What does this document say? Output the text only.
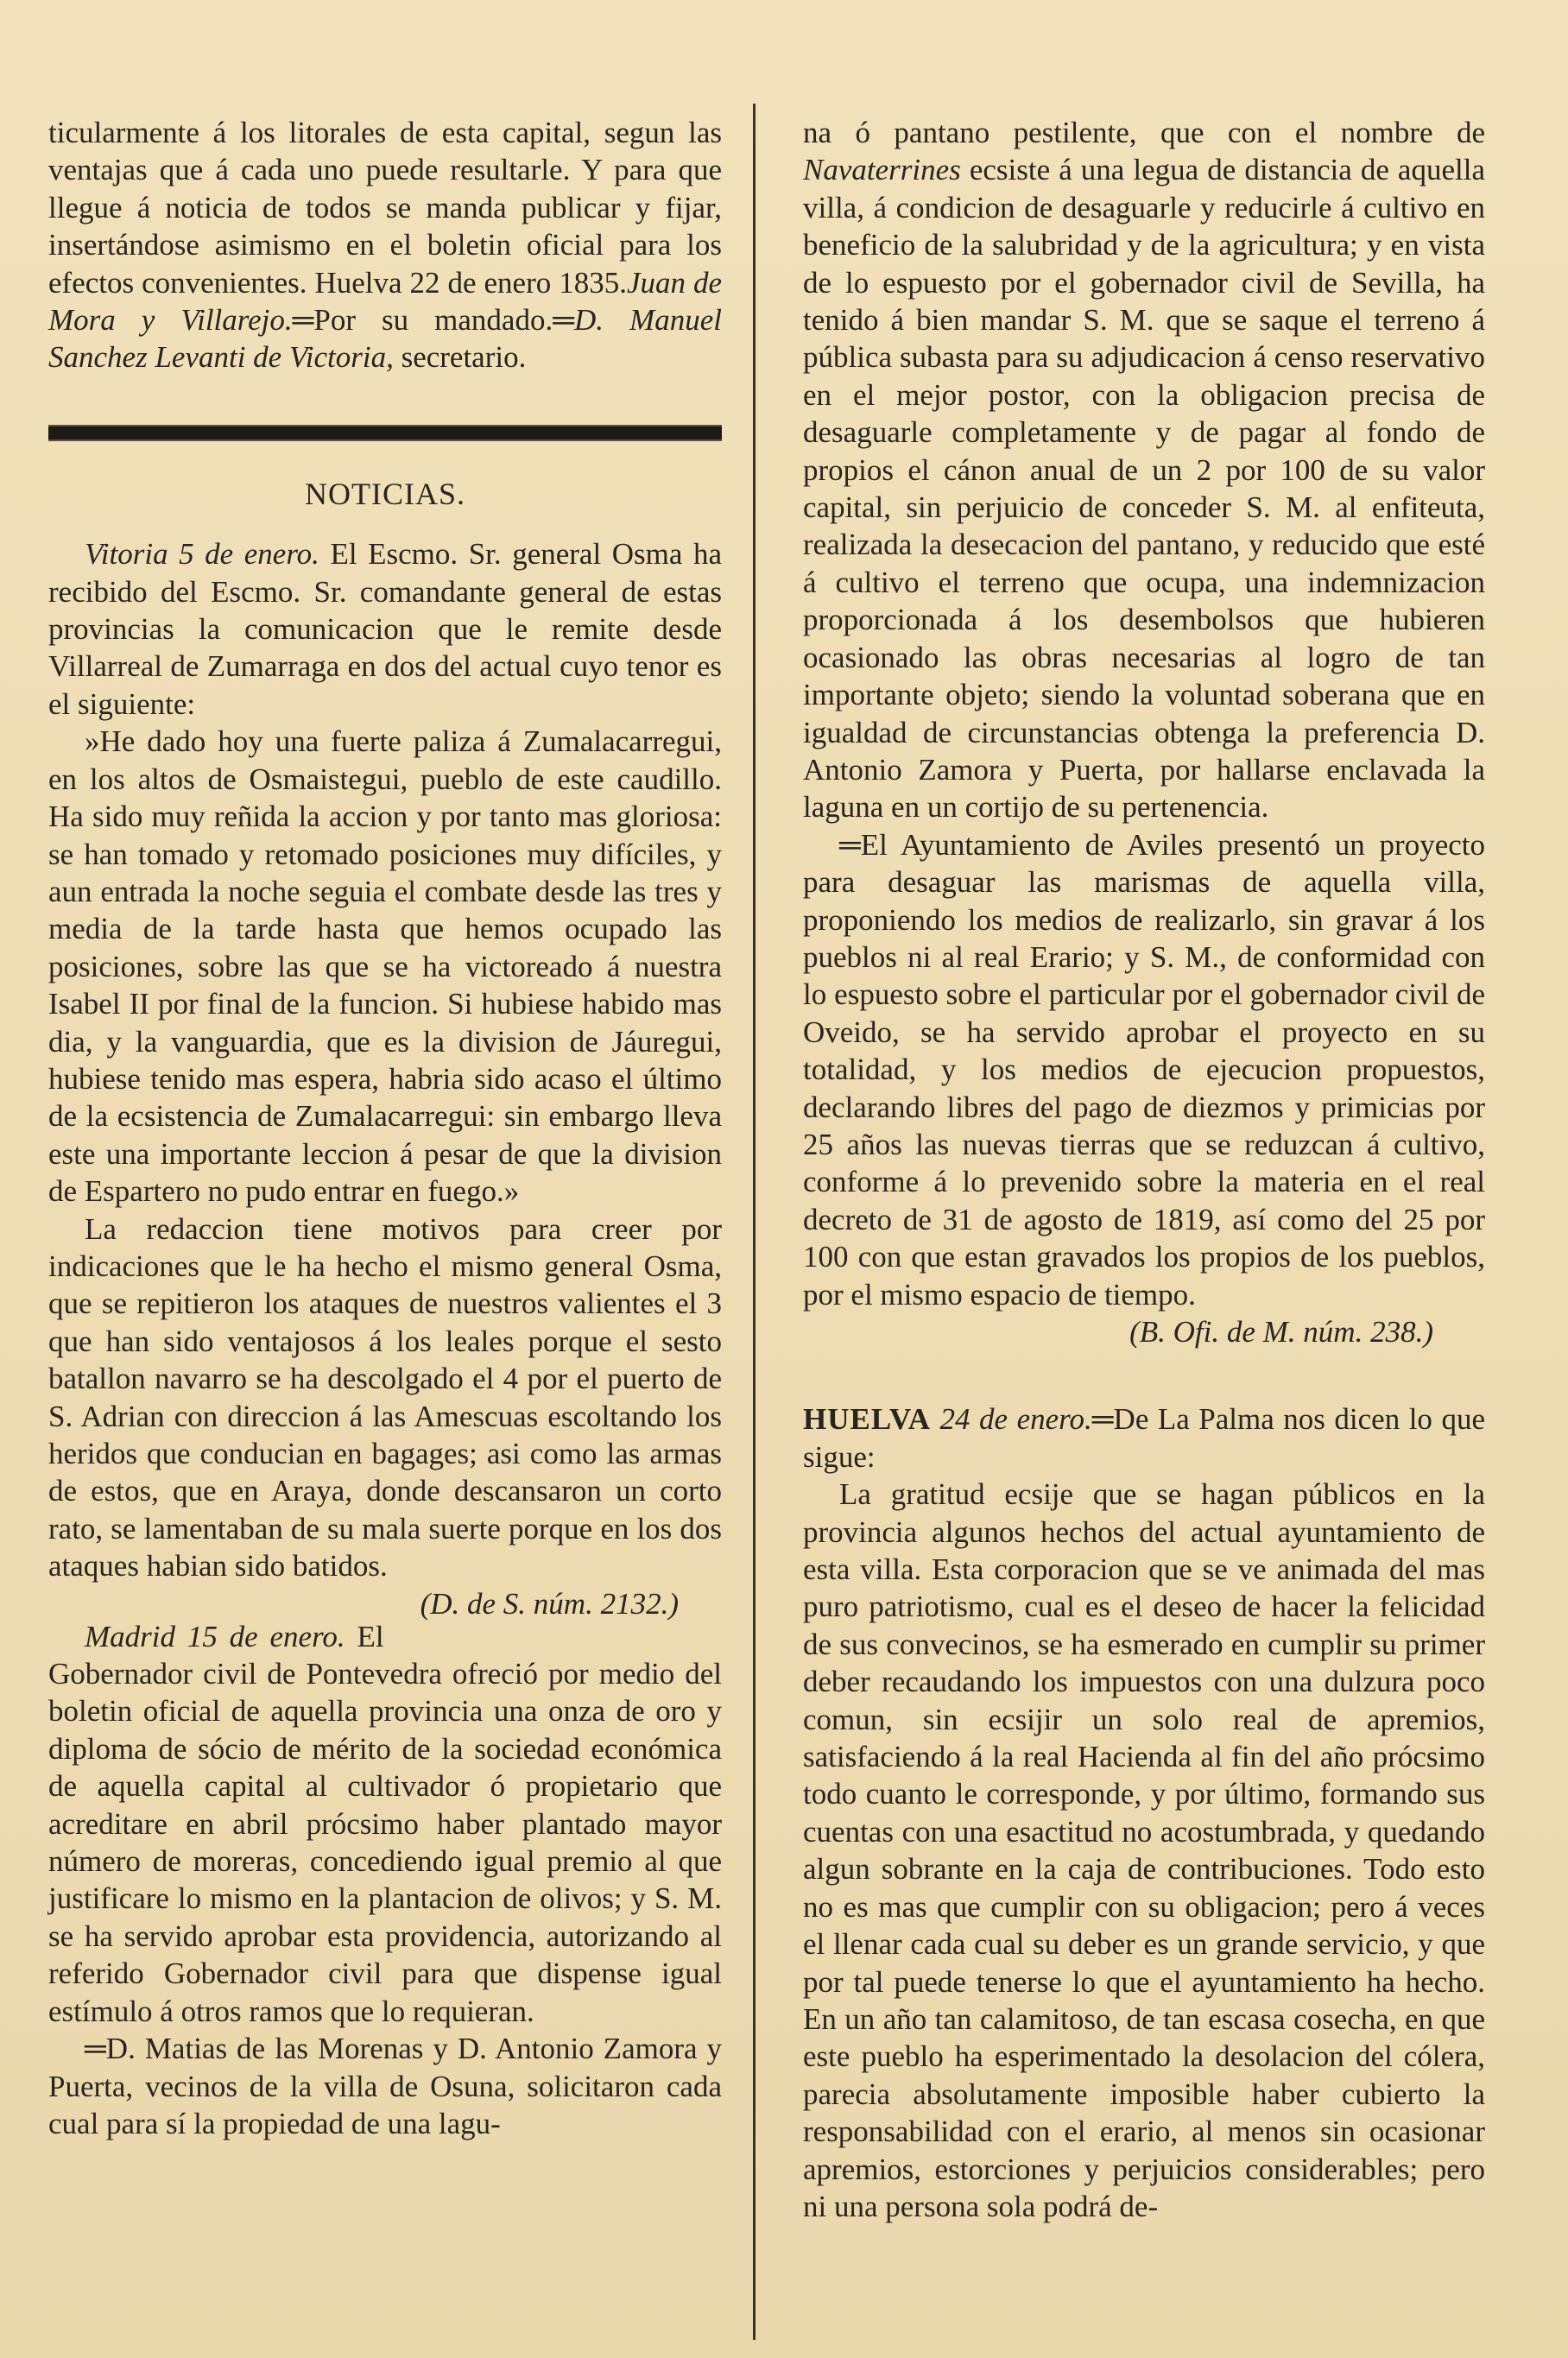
ticularmente á los litorales de esta capital, segun las ventajas que á cada uno puede resultarle. Y para que llegue á noticia de todos se manda publicar y fijar, insertándose asimismo en el boletin oficial para los efectos convenientes. Huelva 22 de enero 1835.Juan de Mora y Villarejo.═Por su mandado.═D. Manuel Sanchez Levanti de Victoria, secretario.

NOTICIAS.

Vitoria 5 de enero. El Escmo. Sr. general Osma ha recibido del Escmo. Sr. comandante general de estas provincias la comunicacion que le remite desde Villarreal de Zumarraga en dos del actual cuyo tenor es el siguiente:

»He dado hoy una fuerte paliza á Zumalacarregui, en los altos de Osmaistegui, pueblo de este caudillo. Ha sido muy reñida la accion y por tanto mas gloriosa: se han tomado y retomado posiciones muy difíciles, y aun entrada la noche seguia el combate desde las tres y media de la tarde hasta que hemos ocupado las posiciones, sobre las que se ha victoreado á nuestra Isabel II por final de la funcion. Si hubiese habido mas dia, y la vanguardia, que es la division de Jáuregui, hubiese tenido mas espera, habria sido acaso el último de la ecsistencia de Zumalacarregui: sin embargo lleva este una importante leccion á pesar de que la division de Espartero no pudo entrar en fuego.»

La redaccion tiene motivos para creer por indicaciones que le ha hecho el mismo general Osma, que se repitieron los ataques de nuestros valientes el 3 que han sido ventajosos á los leales porque el sesto batallon navarro se ha descolgado el 4 por el puerto de S. Adrian con direccion á las Amescuas escoltando los heridos que conducian en bagages; asi como las armas de estos, que en Araya, donde descansaron un corto rato, se lamentaban de su mala suerte porque en los dos ataques habian sido batidos.
(D. de S. núm. 2132.)

Madrid 15 de enero. El Gobernador civil de Pontevedra ofreció por medio del boletin oficial de aquella provincia una onza de oro y diploma de sócio de mérito de la sociedad económica de aquella capital al cultivador ó propietario que acreditare en abril prócsimo haber plantado mayor número de moreras, concediendo igual premio al que justificare lo mismo en la plantacion de olivos; y S. M. se ha servido aprobar esta providencia, autorizando al referido Gobernador civil para que dispense igual estímulo á otros ramos que lo requieran.

═D. Matias de las Morenas y D. Antonio Zamora y Puerta, vecinos de la villa de Osuna, solicitaron cada cual para sí la propiedad de una lagu-

na ó pantano pestilente, que con el nombre de Navaterrines ecsiste á una legua de distancia de aquella villa, á condicion de desaguarle y reducirle á cultivo en beneficio de la salubridad y de la agricultura; y en vista de lo espuesto por el gobernador civil de Sevilla, ha tenido á bien mandar S. M. que se saque el terreno á pública subasta para su adjudicacion á censo reservativo en el mejor postor, con la obligacion precisa de desaguarle completamente y de pagar al fondo de propios el cánon anual de un 2 por 100 de su valor capital, sin perjuicio de conceder S. M. al enfiteuta, realizada la desecacion del pantano, y reducido que esté á cultivo el terreno que ocupa, una indemnizacion proporcionada á los desembolsos que hubieren ocasionado las obras necesarias al logro de tan importante objeto; siendo la voluntad soberana que en igualdad de circunstancias obtenga la preferencia D. Antonio Zamora y Puerta, por hallarse enclavada la laguna en un cortijo de su pertenencia.

═El Ayuntamiento de Aviles presentó un proyecto para desaguar las marismas de aquella villa, proponiendo los medios de realizarlo, sin gravar á los pueblos ni al real Erario; y S. M., de conformidad con lo espuesto sobre el particular por el gobernador civil de Oveido, se ha servido aprobar el proyecto en su totalidad, y los medios de ejecucion propuestos, declarando libres del pago de diezmos y primicias por 25 años las nuevas tierras que se reduzcan á cultivo, conforme á lo prevenido sobre la materia en el real decreto de 31 de agosto de 1819, así como del 25 por 100 con que estan gravados los propios de los pueblos, por el mismo espacio de tiempo.

(B. Ofi. de M. núm. 238.)

HUELVA 24 de enero.═De La Palma nos dicen lo que sigue:

La gratitud ecsije que se hagan públicos en la provincia algunos hechos del actual ayuntamiento de esta villa. Esta corporacion que se ve animada del mas puro patriotismo, cual es el deseo de hacer la felicidad de sus convecinos, se ha esmerado en cumplir su primer deber recaudando los impuestos con una dulzura poco comun, sin ecsijir un solo real de apremios, satisfaciendo á la real Hacienda al fin del año prócsimo todo cuanto le corresponde, y por último, formando sus cuentas con una esactitud no acostumbrada, y quedando algun sobrante en la caja de contribuciones. Todo esto no es mas que cumplir con su obligacion; pero á veces el llenar cada cual su deber es un grande servicio, y que por tal puede tenerse lo que el ayuntamiento ha hecho. En un año tan calamitoso, de tan escasa cosecha, en que este pueblo ha esperimentado la desolacion del cólera, parecia absolutamente imposible haber cubierto la responsabilidad con el erario, al menos sin ocasionar apremios, estorciones y perjuicios considerables; pero ni una persona sola podrá de-
